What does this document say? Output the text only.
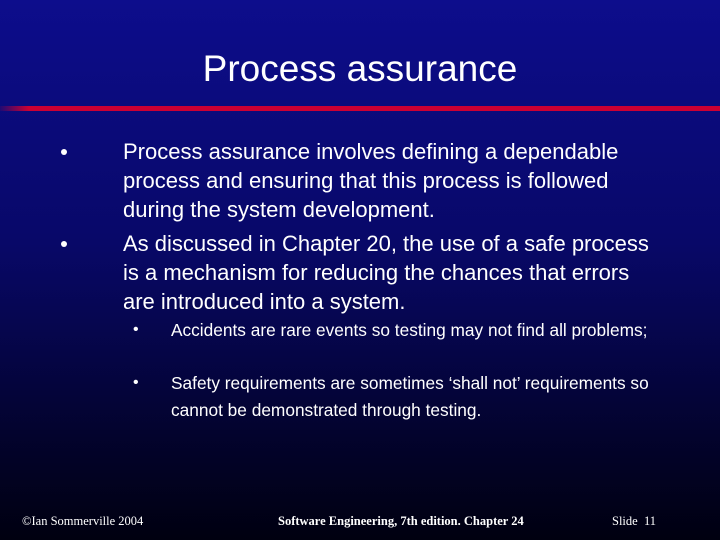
Process assurance
Process assurance involves defining a dependable process and ensuring that this process is followed during the system development.
As discussed in Chapter 20, the use of a safe process is a mechanism for reducing the chances that errors are introduced into a system.
•	Accidents are rare events so testing may not find all problems;
•	Safety requirements are sometimes ‘shall not’ requirements so cannot be demonstrated through testing.
©Ian Sommerville 2004	Software Engineering, 7th edition. Chapter 24	Slide  11
